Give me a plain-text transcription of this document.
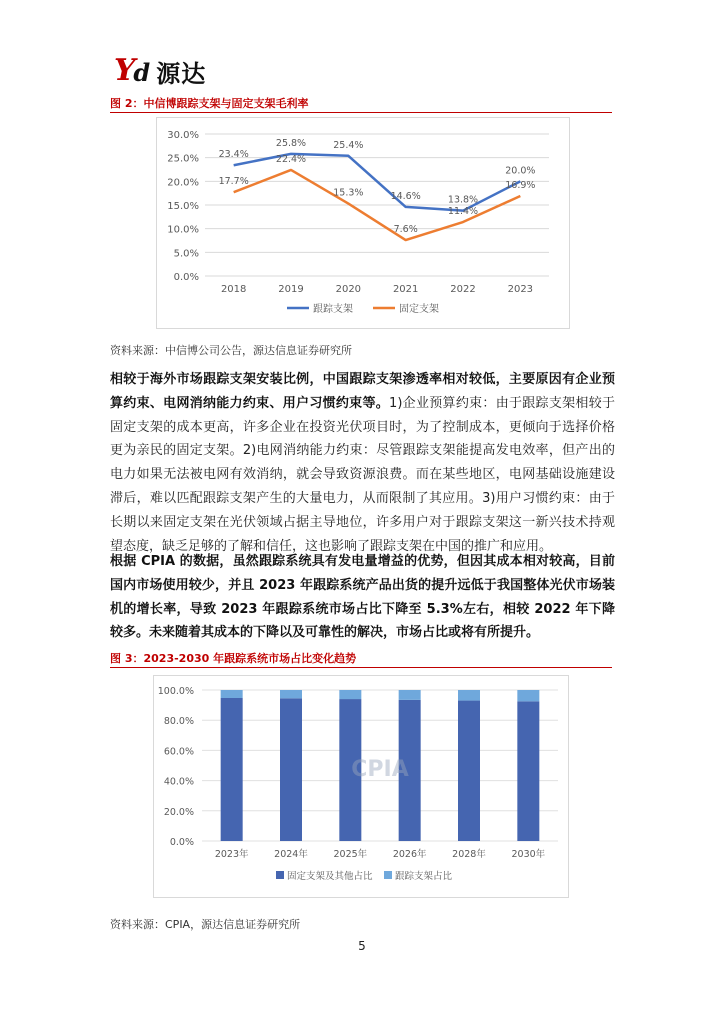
Y
d 源达
图 2：中信博跟踪支架与固定支架毛利率
0.0%
5.0%
10.0%
15.0%
20.0%
25.0%
30.0%
2018	2019	2020	2021	2022	2023
23.4%
25.8%	25.4%
14.6%	13.8%
20.0%
17.7%
22.4%
15.3%
7.6%
11.4%
16.9%
跟踪支架	固定支架
资料来源：中信博公司公告，源达信息证券研究所
相较于海外市场跟踪支架安装比例，中国跟踪支架渗透率相对较低，主要原因有企业预算约束、电网消纳能力约束、用户习惯约束等。1)企业预算约束：由于跟踪支架相较于固定支架的成本更高，许多企业在投资光伏项目时，为了控制成本，更倾向于选择价格更为亲民的固定支架。2)电网消纳能力约束：尽管跟踪支架能提高发电效率，但产出的电力如果无法被电网有效消纳，就会导致资源浪费。而在某些地区，电网基础设施建设滞后，难以匹配跟踪支架产生的大量电力，从而限制了其应用。3)用户习惯约束：由于长期以来固定支架在光伏领域占据主导地位，许多用户对于跟踪支架这一新兴技术持观望态度，缺乏足够的了解和信任，这也影响了跟踪支架在中国的推广和应用。
根据 CPIA 的数据，虽然跟踪系统具有发电量增益的优势，但因其成本相对较高，目前国内市场使用较少，并且 2023 年跟踪系统产品出货的提升远低于我国整体光伏市场装机的增长率，导致 2023 年跟踪系统市场占比下降至 5.3%左右，相较 2022 年下降较多。未来随着其成本的下降以及可靠性的解决，市场占比或将有所提升。
图 3：2023-2030 年跟踪系统市场占比变化趋势
0.0%
20.0%
40.0%
60.0%
80.0%
100.0%
2023年	2024年	2025年	2026年	2028年	2030年
CPIA
固定支架及其他占比 跟踪支架占比
资料来源：CPIA，源达信息证券研究所
5
